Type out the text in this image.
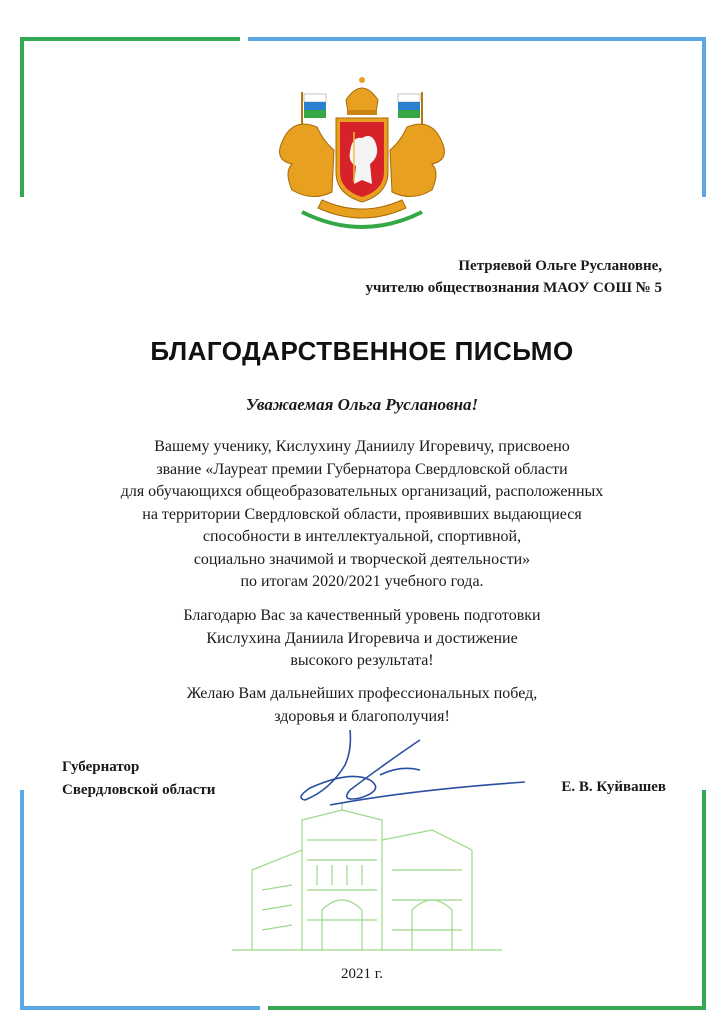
Петряевой Ольге Руслановне,
учителю обществознания МАОУ СОШ № 5
БЛАГОДАРСТВЕННОЕ ПИСЬМО
Уважаемая Ольга Руслановна!
Вашему ученику, Кислухину Даниилу Игоревичу, присвоено
звание «Лауреат премии Губернатора Свердловской области
для обучающихся общеобразовательных организаций, расположенных
на территории Свердловской области, проявивших выдающиеся
способности в интеллектуальной, спортивной,
социально значимой и творческой деятельности»
по итогам 2020/2021 учебного года.
Благодарю Вас за качественный уровень подготовки
Кислухина Даниила Игоревича и достижение
высокого результата!
Желаю Вам дальнейших профессиональных побед,
здоровья и благополучия!
Губернатор
Свердловской области	Е. В. Куйвашев
2021 г.
